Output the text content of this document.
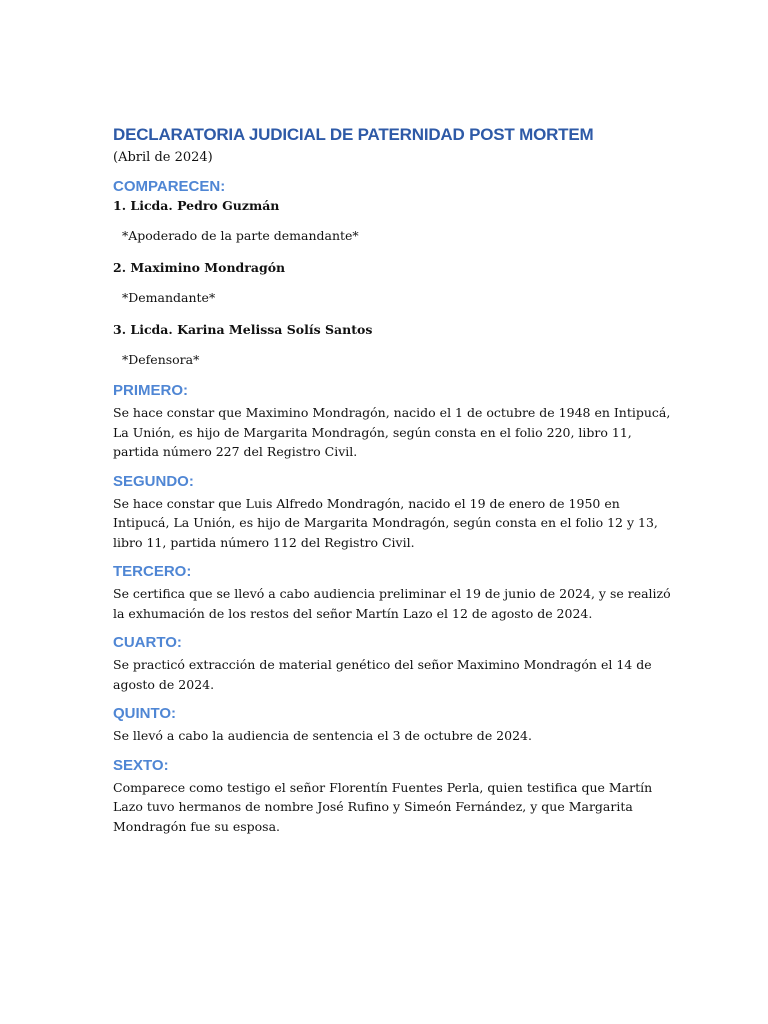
DECLARATORIA JUDICIAL DE PATERNIDAD POST MORTEM

(Abril de 2024)

COMPARECEN:

1. Licda. Pedro Guzmán

*Apoderado de la parte demandante*

2. Maximino Mondragón

*Demandante*

3. Licda. Karina Melissa Solís Santos

*Defensora*

PRIMERO:

Se hace constar que Maximino Mondragón, nacido el 1 de octubre de 1948 en Intipucá, La Unión, es hijo de Margarita Mondragón, según consta en el folio 220, libro 11, partida número 227 del Registro Civil.

SEGUNDO:

Se hace constar que Luis Alfredo Mondragón, nacido el 19 de enero de 1950 en Intipucá, La Unión, es hijo de Margarita Mondragón, según consta en el folio 12 y 13, libro 11, partida número 112 del Registro Civil.

TERCERO:

Se certifica que se llevó a cabo audiencia preliminar el 19 de junio de 2024, y se realizó la exhumación de los restos del señor Martín Lazo el 12 de agosto de 2024.

CUARTO:

Se practicó extracción de material genético del señor Maximino Mondragón el 14 de agosto de 2024.

QUINTO:

Se llevó a cabo la audiencia de sentencia el 3 de octubre de 2024.

SEXTO:

Comparece como testigo el señor Florentín Fuentes Perla, quien testifica que Martín Lazo tuvo hermanos de nombre José Rufino y Simeón Fernández, y que Margarita Mondragón fue su esposa.
